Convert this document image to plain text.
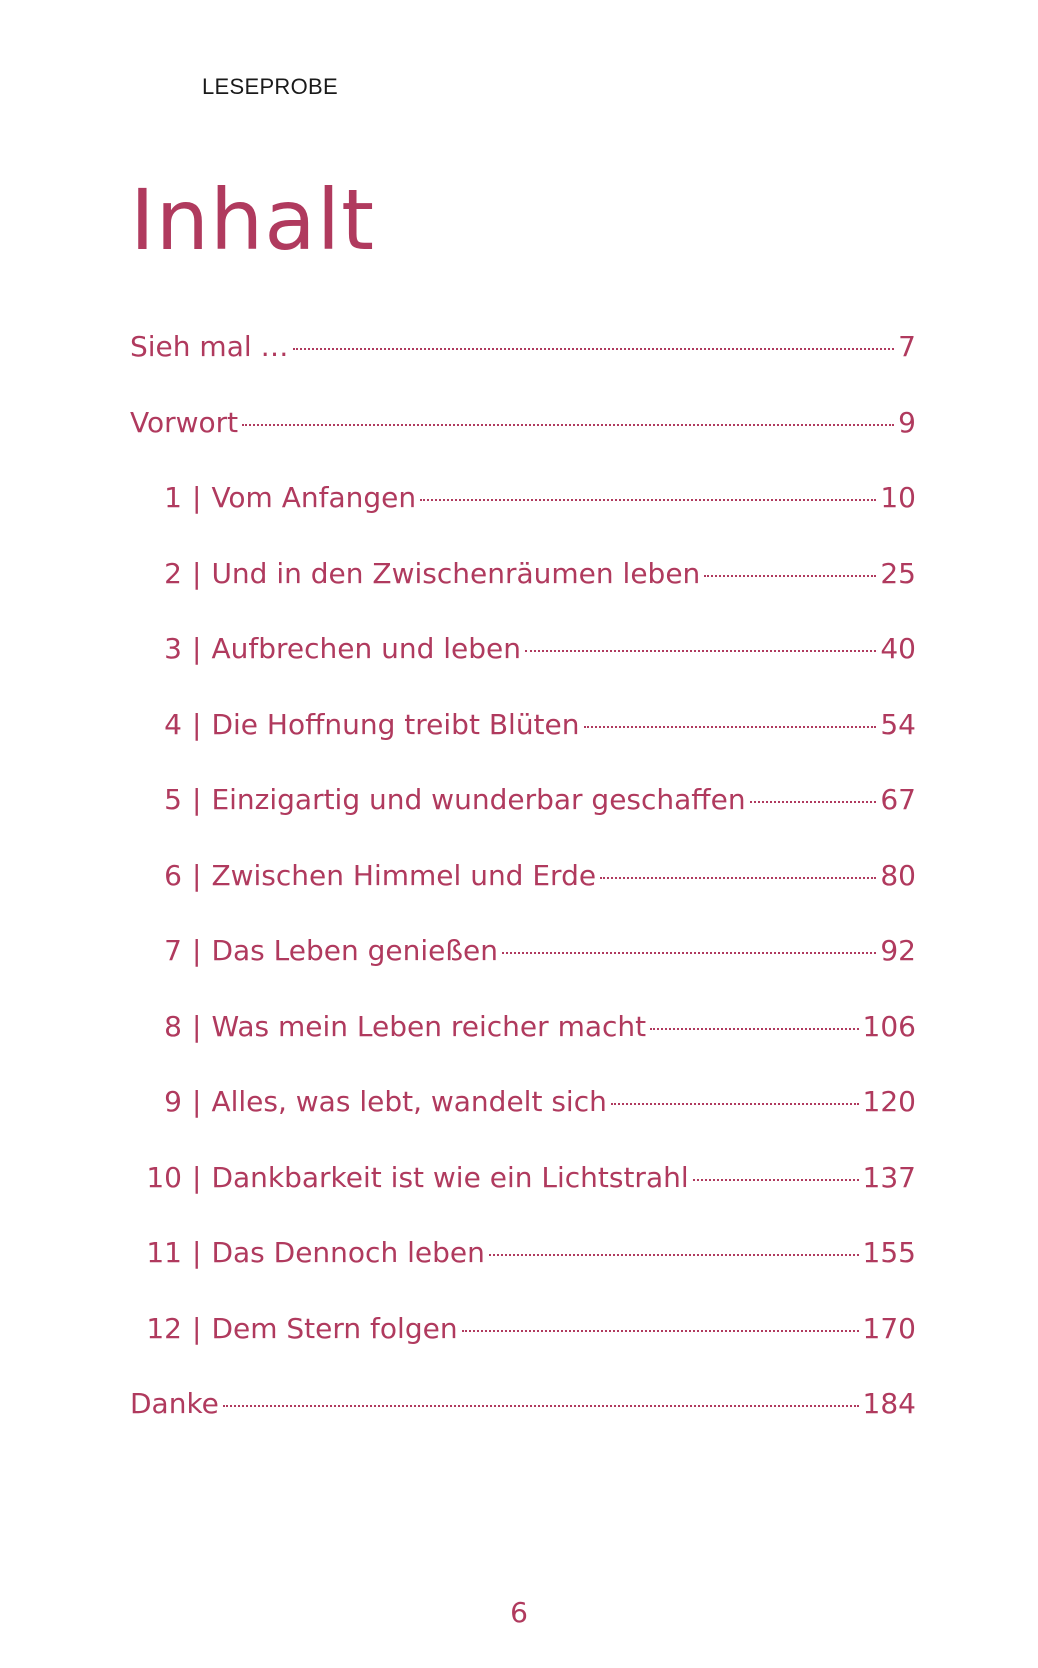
LESEPROBE
Inhalt
Sieh mal …	7
Vorwort	9
1 | Vom Anfangen	10
2 | Und in den Zwischenräumen leben	25
3 | Aufbrechen und leben	40
4 | Die Hoffnung treibt Blüten	54
5 | Einzigartig und wunderbar geschaffen	67
6 | Zwischen Himmel und Erde	80
7 | Das Leben genießen	92
8 | Was mein Leben reicher macht	106
9 | Alles, was lebt, wandelt sich	120
10 | Dankbarkeit ist wie ein Lichtstrahl	137
11 | Das Dennoch leben	155
12 | Dem Stern folgen	170
Danke	184
6
